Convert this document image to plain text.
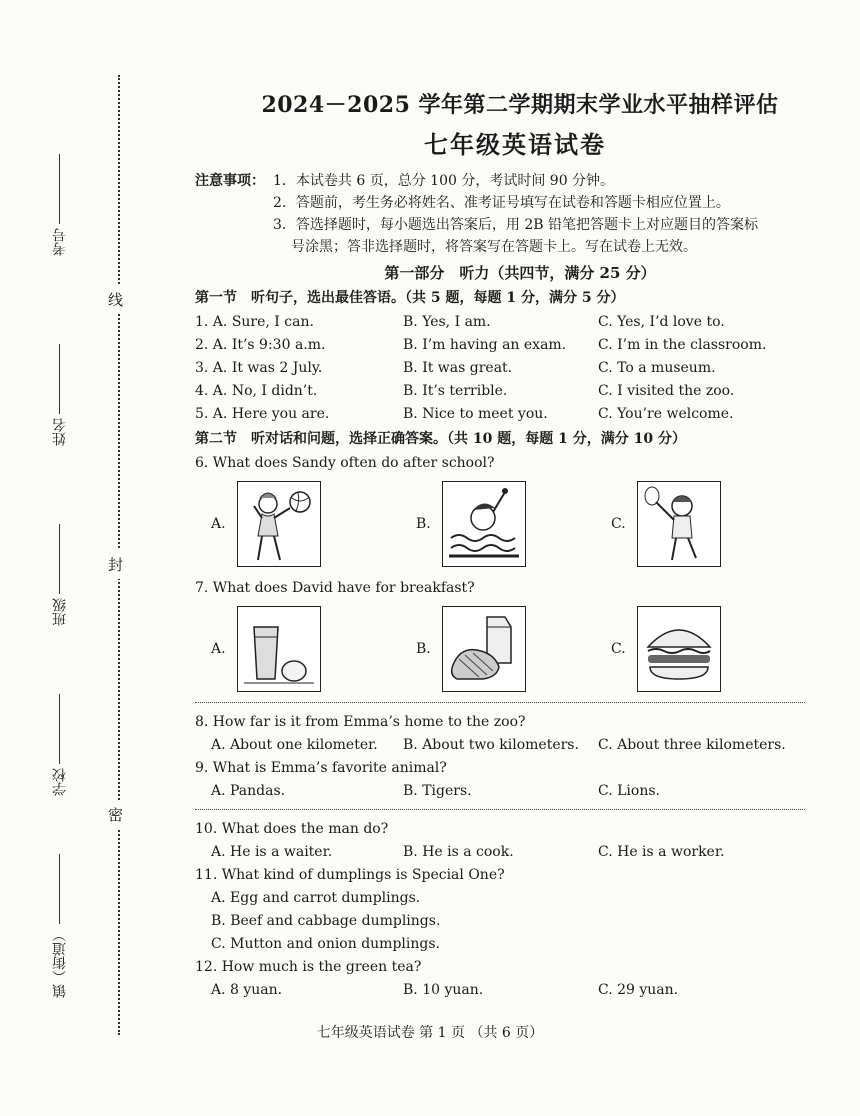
线
封
密
考号
姓名
班级
学校
镇（街道）
2024－2025 学年第二学期期末学业水平抽样评估
七年级英语试卷
注意事项： 1．本试卷共 6 页，总分 100 分，考试时间 90 分钟。
2．答题前，考生务必将姓名、准考证号填写在试卷和答题卡相应位置上。
3．答选择题时，每小题选出答案后，用 2B 铅笔把答题卡上对应题目的答案标
号涂黑；答非选择题时，将答案写在答题卡上。写在试卷上无效。
第一部分　听力（共四节，满分 25 分）
第一节　听句子，选出最佳答语。（共 5 题，每题 1 分，满分 5 分）
1. A. Sure, I can.	B. Yes, I am.	C. Yes, I’d love to.
2. A. It’s 9:30 a.m.	B. I’m having an exam.	C. I’m in the classroom.
3. A. It was 2 July.	B. It was great.	C. To a museum.
4. A. No, I didn’t.	B. It’s terrible.	C. I visited the zoo.
5. A. Here you are.	B. Nice to meet you.	C. You’re welcome.
第二节　听对话和问题，选择正确答案。（共 10 题，每题 1 分，满分 10 分）
6. What does Sandy often do after school?
A.	B.	C.
7. What does David have for breakfast?
A.	B.	C.
8. How far is it from Emma’s home to the zoo?
A. About one kilometer.	B. About two kilometers.	C. About three kilometers.
9. What is Emma’s favorite animal?
A. Pandas.	B. Tigers.	C. Lions.
10. What does the man do?
A. He is a waiter.	B. He is a cook.	C. He is a worker.
11. What kind of dumplings is Special One?
A. Egg and carrot dumplings.
B. Beef and cabbage dumplings.
C. Mutton and onion dumplings.
12. How much is the green tea?
A. 8 yuan.	B. 10 yuan.	C. 29 yuan.
七年级英语试卷 第 1 页 （共 6 页）
